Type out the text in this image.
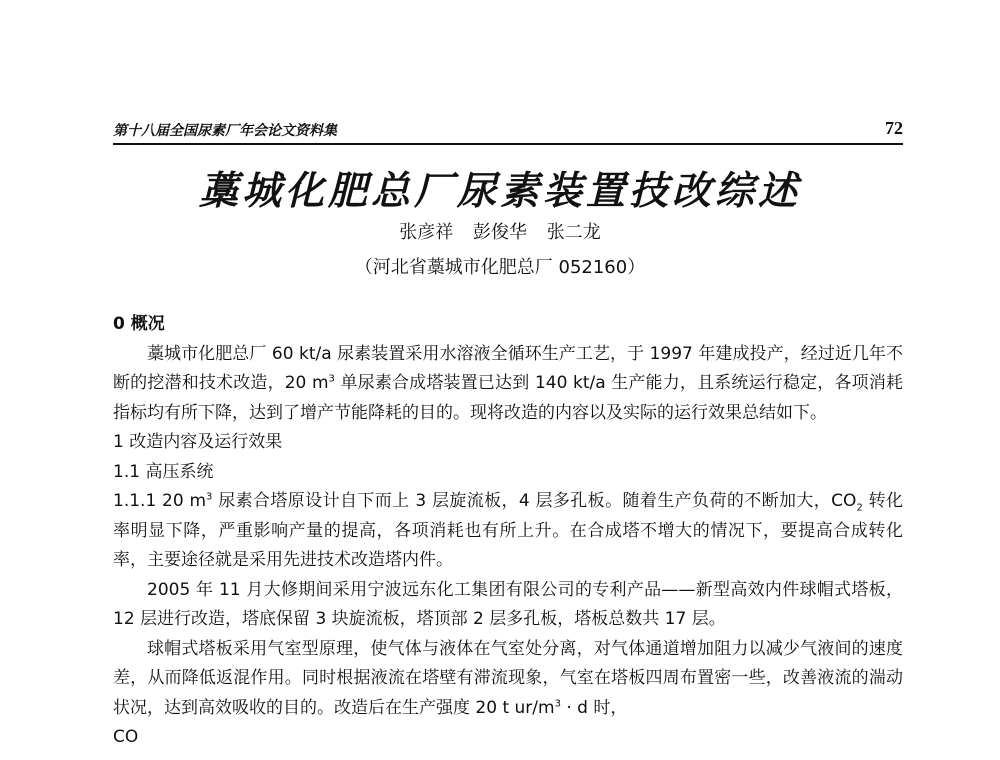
第十八届全国尿素厂年会论文资料集	72
藁城化肥总厂尿素装置技改综述
张彦祥 彭俊华 张二龙
（河北省藁城市化肥总厂 052160）

0 概况

藁城市化肥总厂 60 kt/a 尿素装置采用水溶液全循环生产工艺，于 1997 年建成投产，经过近几年不断的挖潜和技术改造，20 $m^3$ 单尿素合成塔装置已达到 140 kt/a 生产能力，且系统运行稳定，各项消耗指标均有所下降，达到了增产节能降耗的目的。现将改造的内容以及实际的运行效果总结如下。

1 改造内容及运行效果

1.1 高压系统

1.1.1 20 $m^3$ 尿素合塔原设计自下而上 3 层旋流板，4 层多孔板。随着生产负荷的不断加大，$CO_2$ 转化率明显下降，严重影响产量的提高，各项消耗也有所上升。在合成塔不增大的情况下，要提高合成转化率，主要途径就是采用先进技术改造塔内件。

2005 年 11 月大修期间采用宁波远东化工集团有限公司的专利产品——新型高效内件球帽式塔板，12 层进行改造，塔底保留 3 块旋流板，塔顶部 2 层多孔板，塔板总数共 17 层。

球帽式塔板采用气室型原理，使气体与液体在气室处分离，对气体通道增加阻力以减少气液间的速度差，从而降低返混作用。同时根据液流在塔壁有滞流现象，气室在塔板四周布置密一些，改善液流的湍动状况，达到高效吸收的目的。改造后在生产强度 20 t $ur/m^3 \cdot d$ 时，

CO
